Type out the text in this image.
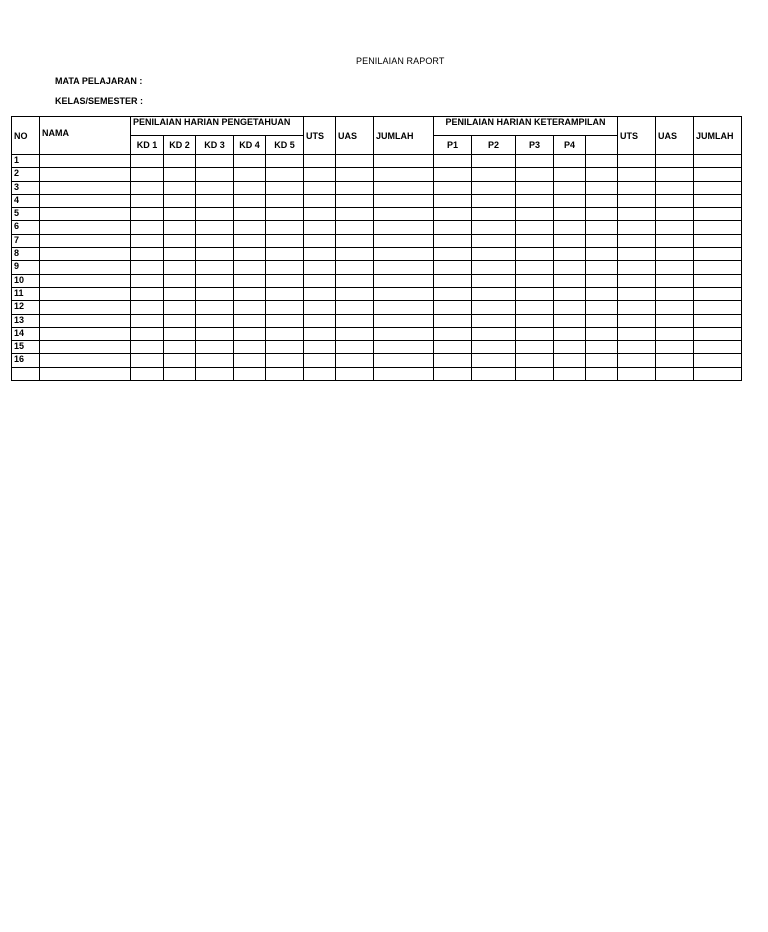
PENILAIAN RAPORT
MATA PELAJARAN :
KELAS/SEMESTER :
NO	NAMA	PENILAIAN HARIAN PENGETAHUAN					UTS	UAS	JUMLAH	PENILAIAN HARIAN KETERAMPILAN					UTS	UAS	JUMLAH
		KD 1	KD 2	KD 3	KD 4	KD 5				P1	P2	P3	P4				
1																	
2																	
3																	
4																	
5																	
6																	
7																	
8																	
9																	
10																	
11																	
12																	
13																	
14																	
15																	
16																	
